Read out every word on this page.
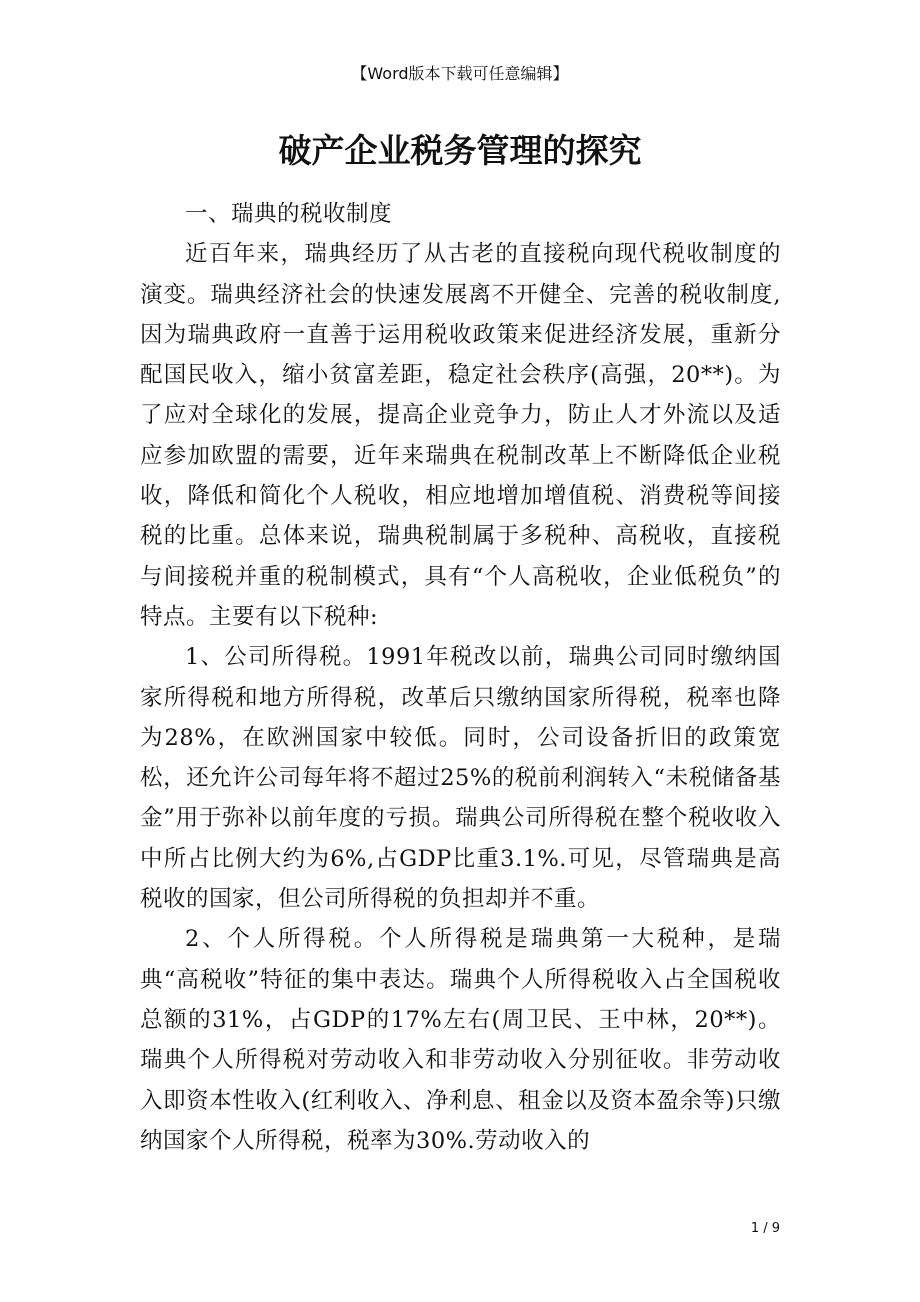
【Word版本下载可任意编辑】
破产企业税务管理的探究

一、瑞典的税收制度

近百年来，瑞典经历了从古老的直接税向现代税收制度的演变。瑞典经济社会的快速发展离不开健全、完善的税收制度,因为瑞典政府一直善于运用税收政策来促进经济发展，重新分配国民收入，缩小贫富差距，稳定社会秩序(高强，20**)。为了应对全球化的发展，提高企业竞争力，防止人才外流以及适应参加欧盟的需要，近年来瑞典在税制改革上不断降低企业税收，降低和简化个人税收，相应地增加增值税、消费税等间接税的比重。总体来说，瑞典税制属于多税种、高税收，直接税与间接税并重的税制模式，具有“个人高税收，企业低税负”的特点。主要有以下税种:

1、公司所得税。1991年税改以前，瑞典公司同时缴纳国家所得税和地方所得税，改革后只缴纳国家所得税，税率也降为28%，在欧洲国家中较低。同时，公司设备折旧的政策宽松，还允许公司每年将不超过25%的税前利润转入“未税储备基金”用于弥补以前年度的亏损。瑞典公司所得税在整个税收收入中所占比例大约为6%,占GDP比重3.1%.可见，尽管瑞典是高税收的国家，但公司所得税的负担却并不重。

2、个人所得税。个人所得税是瑞典第一大税种，是瑞典“高税收”特征的集中表达。瑞典个人所得税收入占全国税收总额的31%，占GDP的17%左右(周卫民、王中林，20**)。瑞典个人所得税对劳动收入和非劳动收入分别征收。非劳动收入即资本性收入(红利收入、净利息、租金以及资本盈余等)只缴纳国家个人所得税，税率为30%.劳动收入的

1 / 9
